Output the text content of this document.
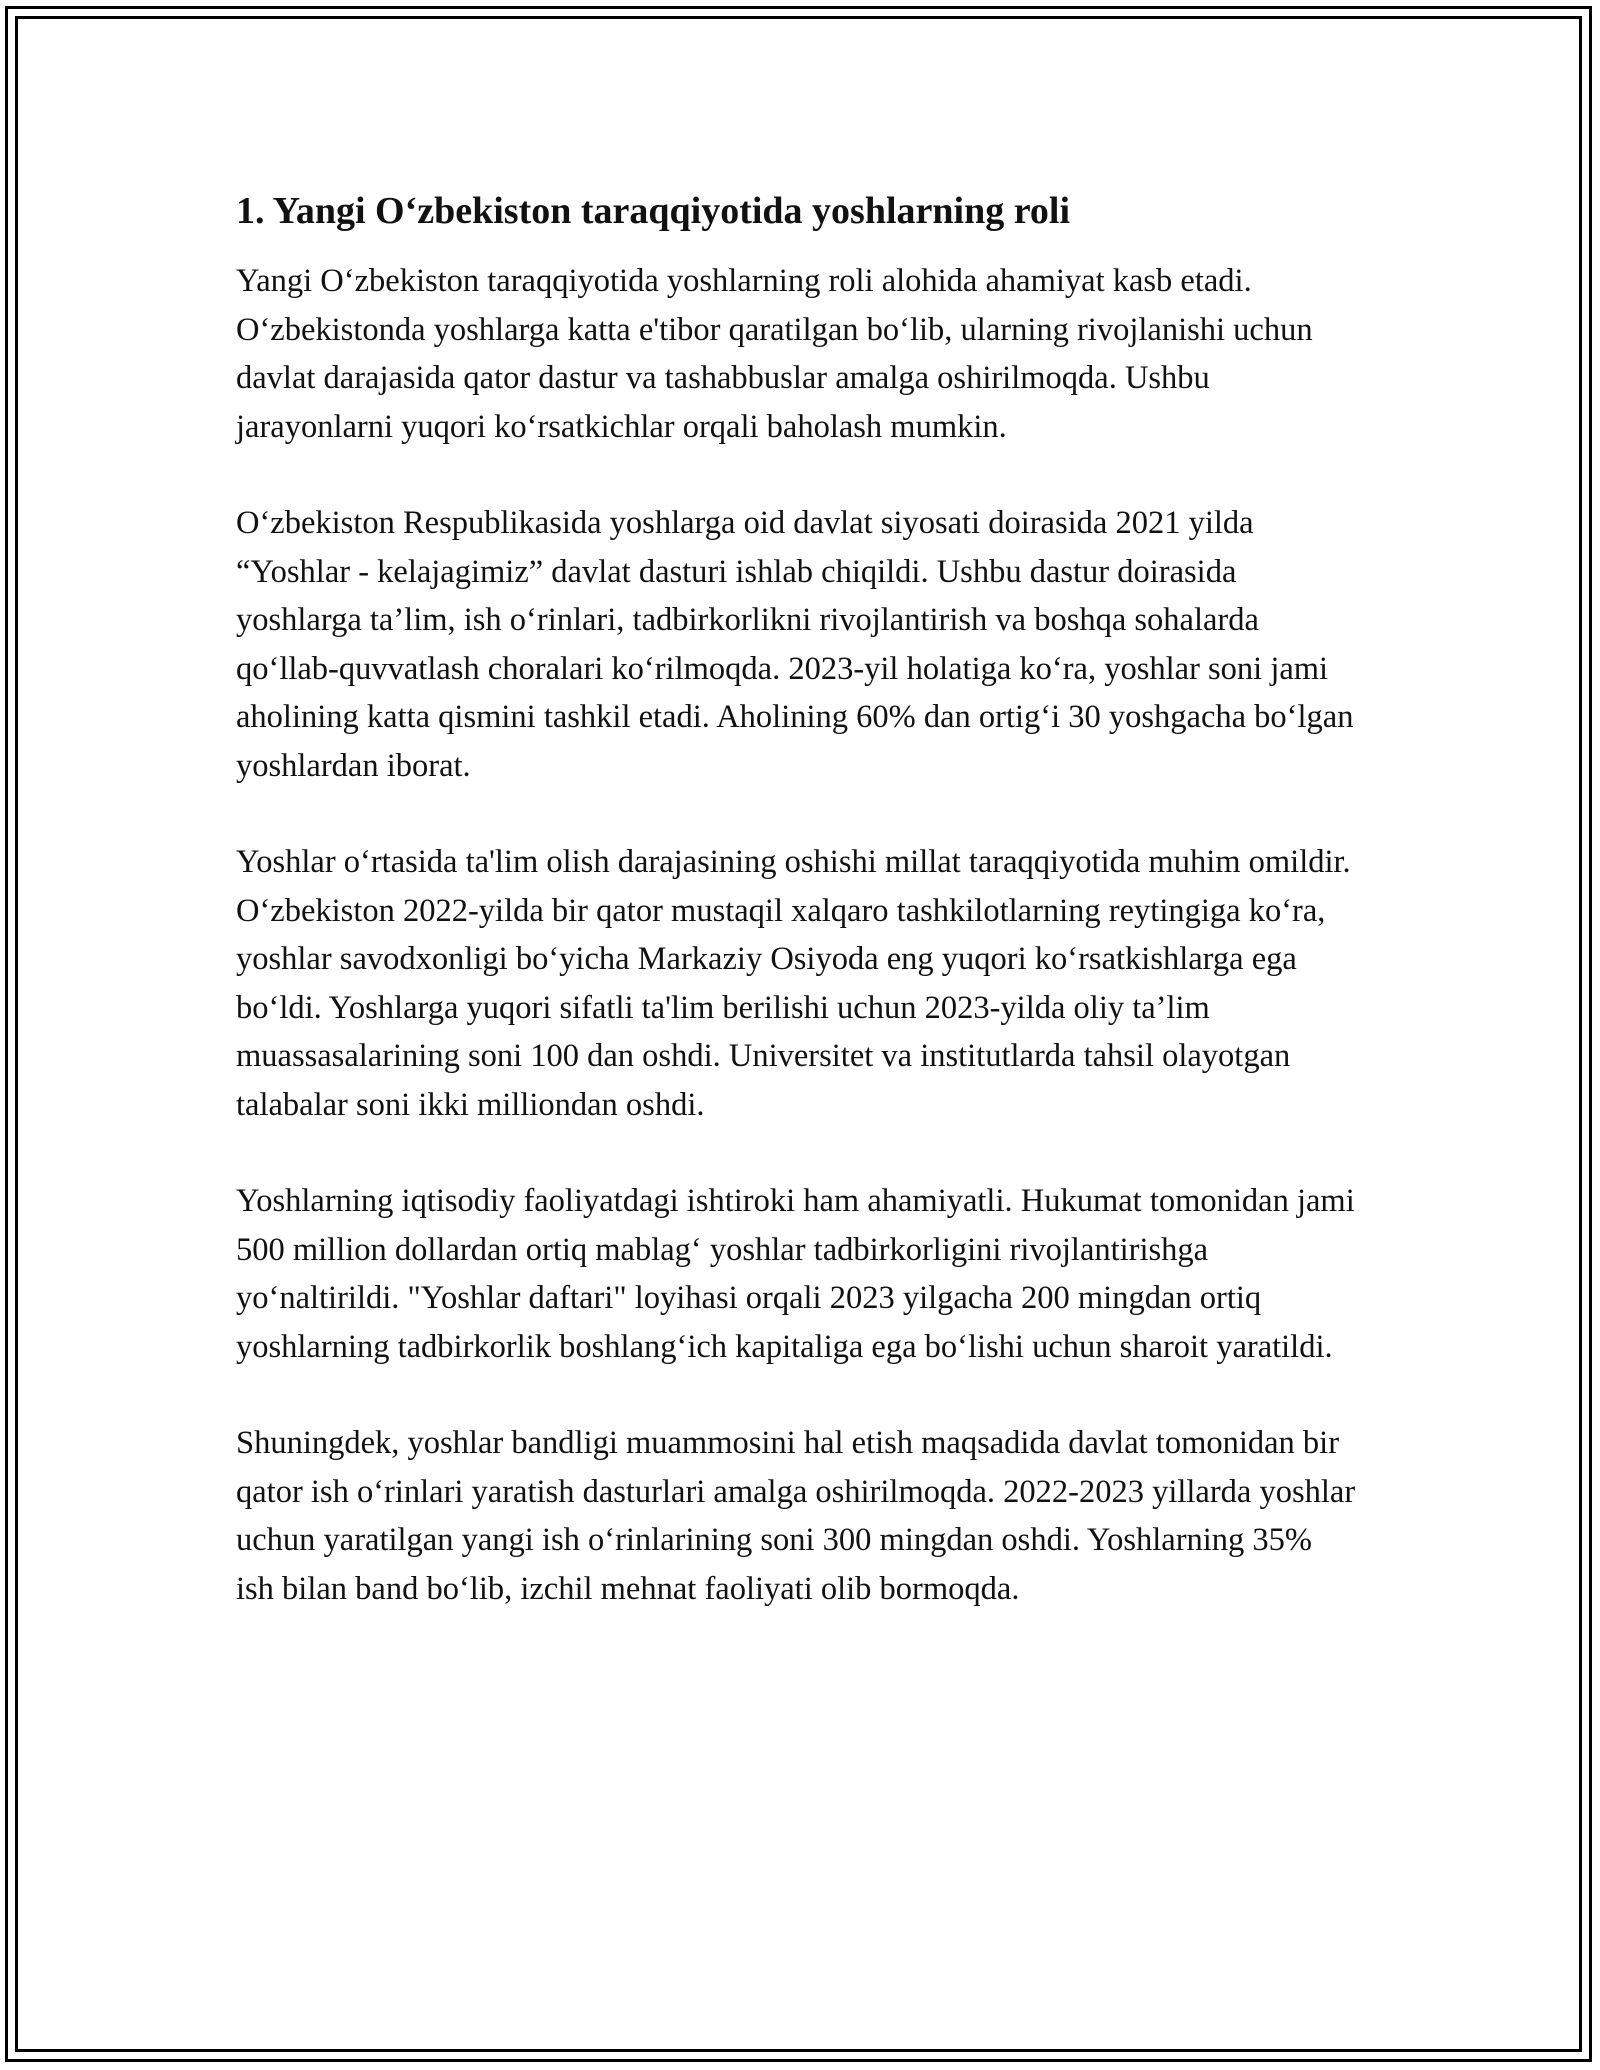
1. Yangi O‘zbekiston taraqqiyotida yoshlarning roli

Yangi O‘zbekiston taraqqiyotida yoshlarning roli alohida ahamiyat kasb etadi. O‘zbekistonda yoshlarga katta e'tibor qaratilgan bo‘lib, ularning rivojlanishi uchun davlat darajasida qator dastur va tashabbuslar amalga oshirilmoqda. Ushbu jarayonlarni yuqori ko‘rsatkichlar orqali baholash mumkin.

O‘zbekiston Respublikasida yoshlarga oid davlat siyosati doirasida 2021 yilda “Yoshlar - kelajagimiz” davlat dasturi ishlab chiqildi. Ushbu dastur doirasida yoshlarga ta’lim, ish o‘rinlari, tadbirkorlikni rivojlantirish va boshqa sohalarda qo‘llab-quvvatlash choralari ko‘rilmoqda. 2023-yil holatiga ko‘ra, yoshlar soni jami aholining katta qismini tashkil etadi. Aholining 60% dan ortig‘i 30 yoshgacha bo‘lgan yoshlardan iborat.

Yoshlar o‘rtasida ta'lim olish darajasining oshishi millat taraqqiyotida muhim omildir. O‘zbekiston 2022-yilda bir qator mustaqil xalqaro tashkilotlarning reytingiga ko‘ra, yoshlar savodxonligi bo‘yicha Markaziy Osiyoda eng yuqori ko‘rsatkishlarga ega bo‘ldi. Yoshlarga yuqori sifatli ta'lim berilishi uchun 2023-yilda oliy ta’lim muassasalarining soni 100 dan oshdi. Universitet va institutlarda tahsil olayotgan talabalar soni ikki milliondan oshdi.

Yoshlarning iqtisodiy faoliyatdagi ishtiroki ham ahamiyatli. Hukumat tomonidan jami 500 million dollardan ortiq mablag‘ yoshlar tadbirkorligini rivojlantirishga yo‘naltirildi. "Yoshlar daftari" loyihasi orqali 2023 yilgacha 200 mingdan ortiq yoshlarning tadbirkorlik boshlang‘ich kapitaliga ega bo‘lishi uchun sharoit yaratildi.

Shuningdek, yoshlar bandligi muammosini hal etish maqsadida davlat tomonidan bir qator ish o‘rinlari yaratish dasturlari amalga oshirilmoqda. 2022-2023 yillarda yoshlar uchun yaratilgan yangi ish o‘rinlarining soni 300 mingdan oshdi. Yoshlarning 35% ish bilan band bo‘lib, izchil mehnat faoliyati olib bormoqda.
